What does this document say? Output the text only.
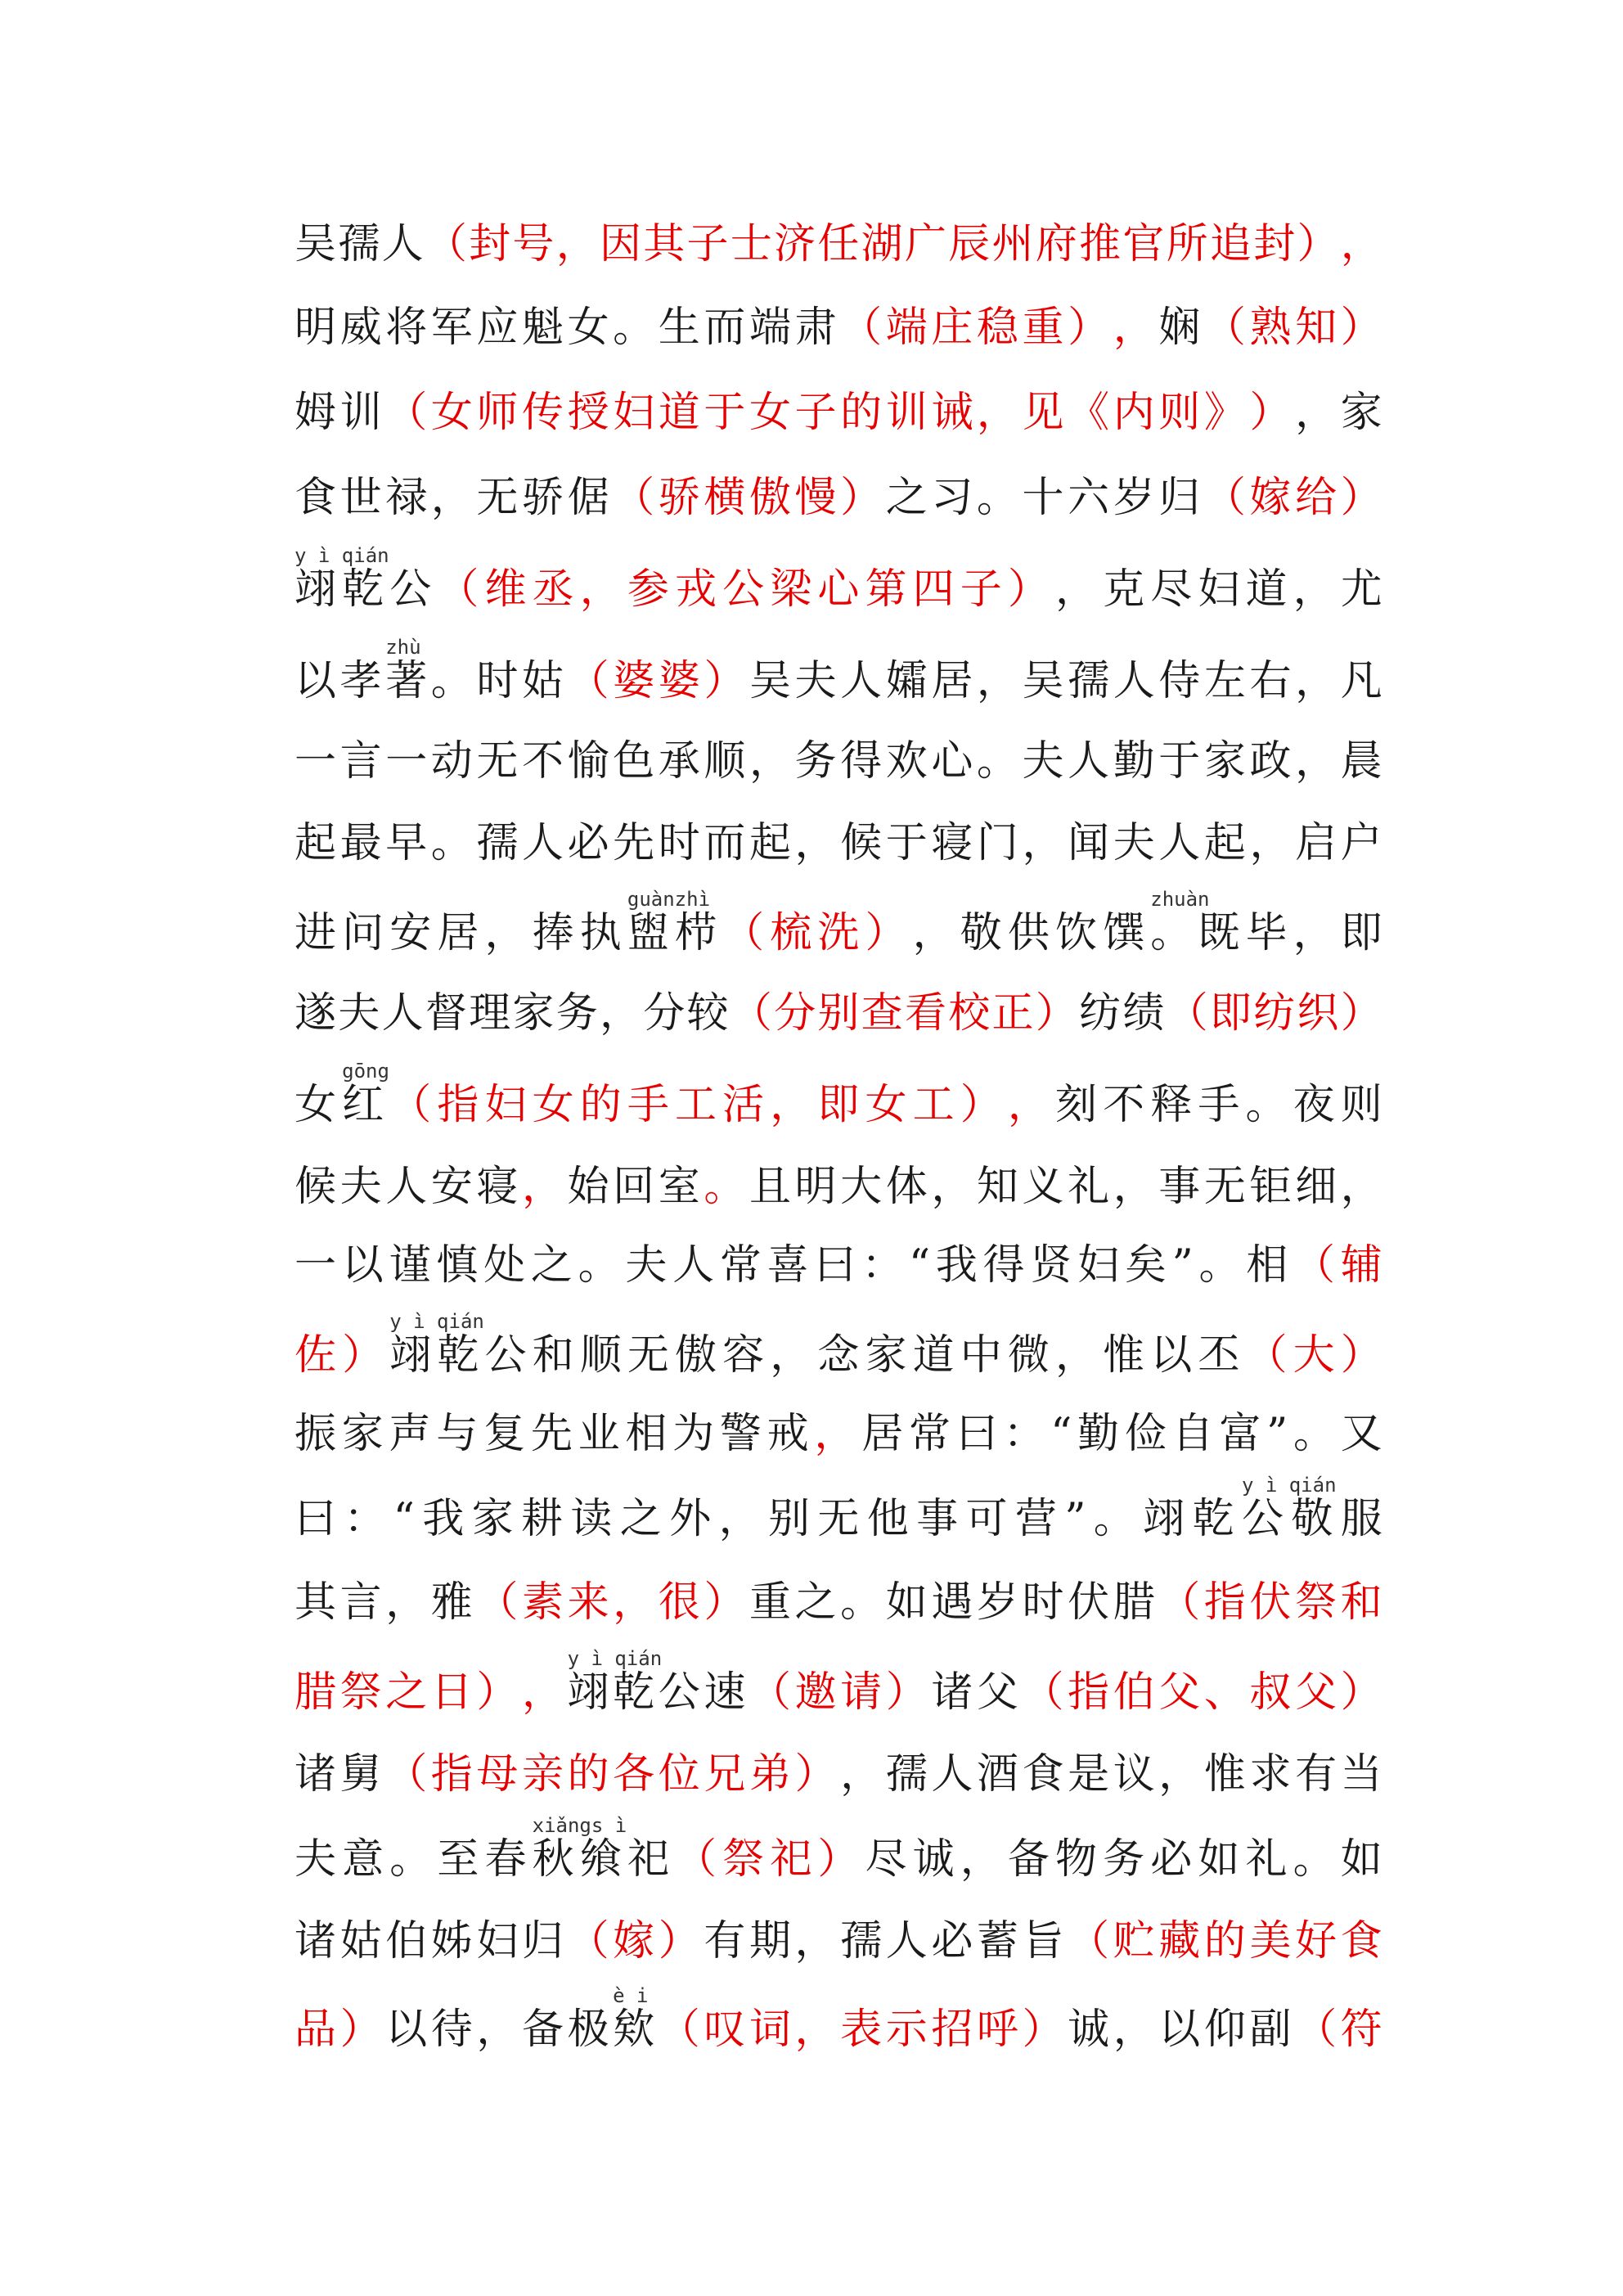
吴 孺 人 （ 封 号 ， 因 其 子 士 济 任 湖 广 辰 州 府 推 官 所 追 封 ） ，
明 威 将 军 应 魁 女 。 生 而 端 肃 （ 端 庄 稳 重 ） ， 娴 （ 熟 知 ）
姆 训 （ 女 师 传 授 妇 道 于 女 子 的 训 诫 ， 见 《 内 则 》 ） ， 家
食 世 禄 ， 无 骄 倨 （ 骄 横 傲 慢 ） 之 习 。 十 六 岁 归 （ 嫁 给 ）
翊 乾 公 （ 维 丞 ， 参 戎 公 梁 心 第 四 子 ） ， 克 尽 妇 道 ， 尤
以 孝 著 。 时 姑 （ 婆 婆 ） 吴 夫 人 孀 居 ， 吴 孺 人 侍 左 右 ， 凡
一 言 一 动 无 不 愉 色 承 顺 ， 务 得 欢 心 。 夫 人 勤 于 家 政 ， 晨
起 最 早 。 孺 人 必 先 时 而 起 ， 候 于 寝 门 ， 闻 夫 人 起 ， 启 户
进 问 安 居 ， 捧 执 盥 栉 （ 梳 洗 ） ， 敬 供 饮 馔 。 既 毕 ， 即
遂 夫 人 督 理 家 务 ， 分 较 （ 分 别 查 看 校 正 ） 纺 绩 （ 即 纺 织 ）
女 红 （ 指 妇 女 的 手 工 活 ， 即 女 工 ） ， 刻 不 释 手 。 夜 则
候 夫 人 安 寝 ， 始 回 室 。 且 明 大 体 ， 知 义 礼 ， 事 无 钜 细 ，
一 以 谨 慎 处 之 。 夫 人 常 喜 曰 ： “ 我 得 贤 妇 矣 ” 。 相 （ 辅
佐 ） 翊 乾 公 和 顺 无 傲 容 ， 念 家 道 中 微 ， 惟 以 丕 （ 大 ）
振 家 声 与 复 先 业 相 为 警 戒 ， 居 常 曰 ： “ 勤 俭 自 富 ” 。 又
曰 ： “ 我 家 耕 读 之 外 ， 别 无 他 事 可 营 ” 。 翊 乾 公 敬 服
其 言 ， 雅 （ 素 来 ， 很 ） 重 之 。 如 遇 岁 时 伏 腊 （ 指 伏 祭 和
腊 祭 之 日 ） ， 翊 乾 公 速 （ 邀 请 ） 诸 父 （ 指 伯 父 、 叔 父 ）
诸 舅 （ 指 母 亲 的 各 位 兄 弟 ） ， 孺 人 酒 食 是 议 ， 惟 求 有 当
夫 意 。 至 春 秋 飨 祀 （ 祭 祀 ） 尽 诚 ， 备 物 务 必 如 礼 。 如
诸 姑 伯 姊 妇 归 （ 嫁 ） 有 期 ， 孺 人 必 蓄 旨 （ 贮 藏 的 美 好 食
品 ） 以 待 ， 备 极 欸 （ 叹 词 ， 表 示 招 呼 ） 诚 ， 以 仰 副 （ 符
y ì qián
zhù
guànzhì	zhuàn
gōng
y ì qián
y ì qián
y ì qián
xiǎngs ì
è i
